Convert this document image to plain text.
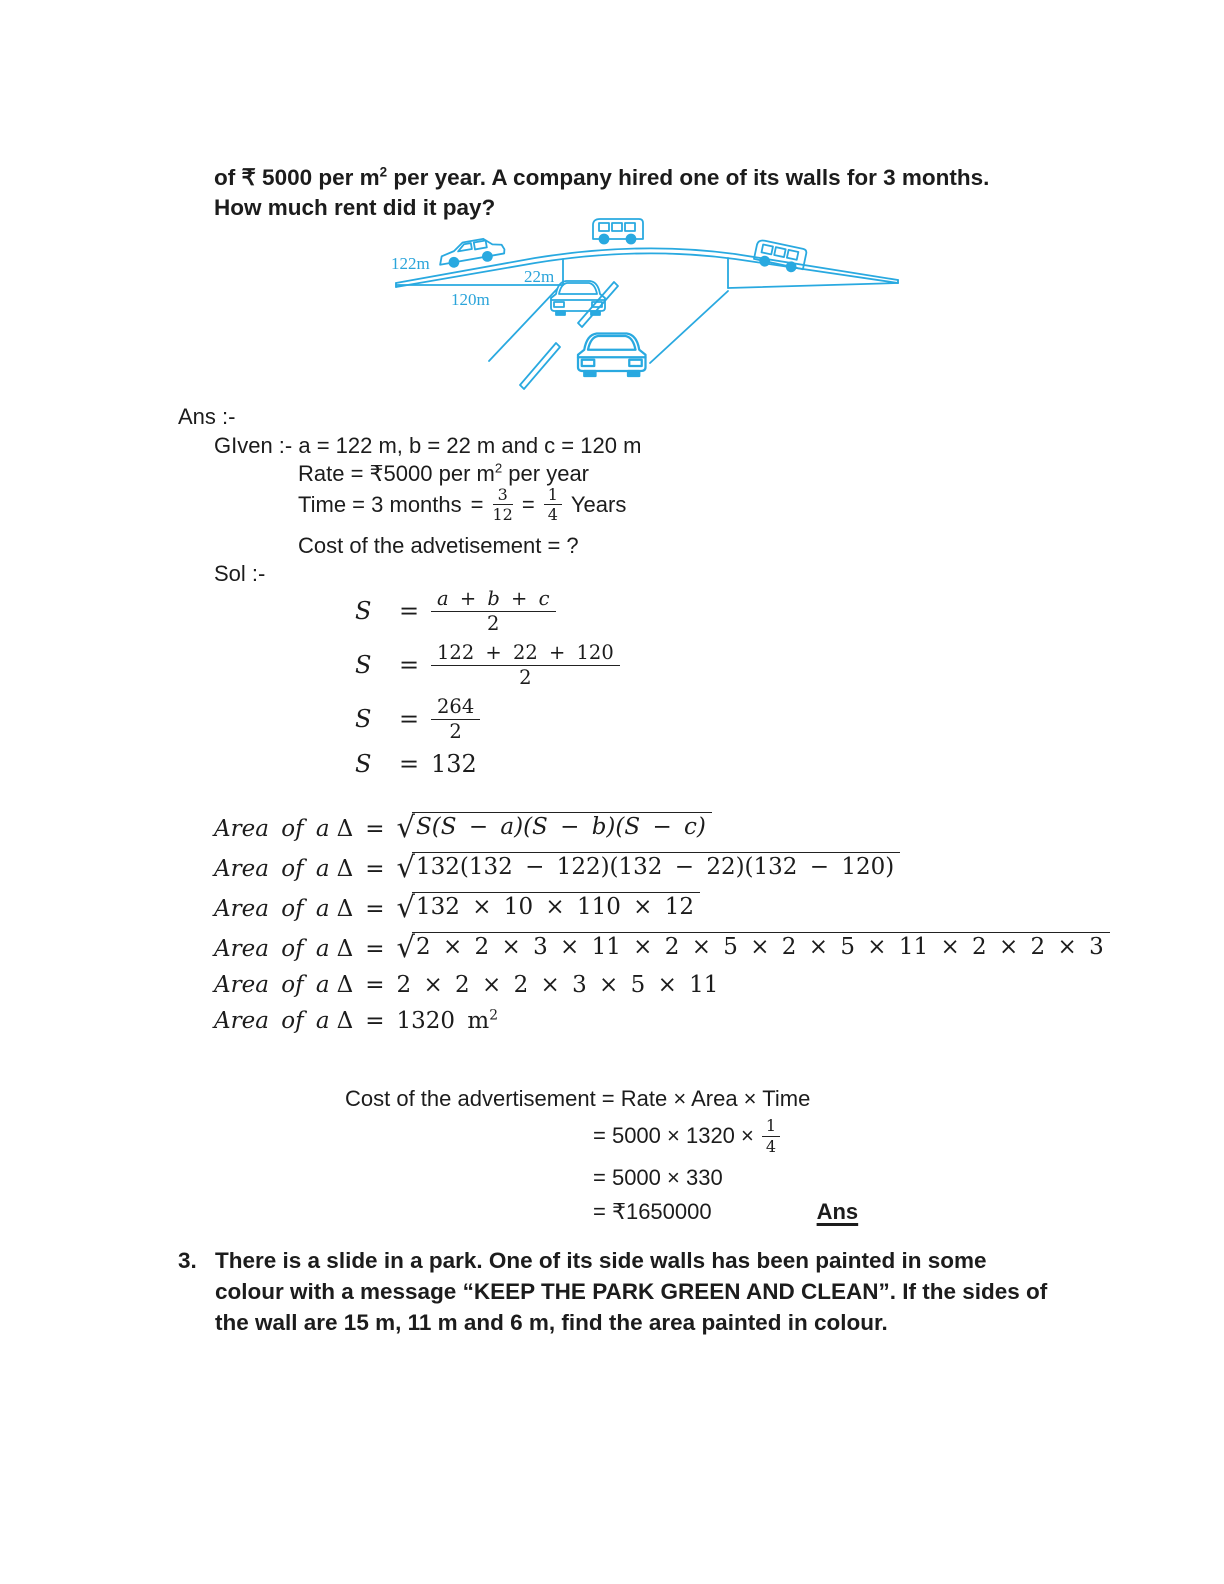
of ₹ 5000 per $m^2$ per year. A company hired one of its walls for 3 months. How much rent did it pay?

122m
22m
120m
Ans :-
GIven :- a = 122 m, b = 22 m and c = 120 m
Rate = ₹5000 per $m^2$ per year
Time = 3 months = $\frac{3}{12} = \frac{1}{4}$ Years
Cost of the advetisement = ?
Sol :-
S	= $\frac{a + b + c}{2}$
S	= $\frac{122 + 22 + 120}{2}$
S	= $\frac{264}{2}$
S	= 132
Area of a Δ = √ S(S − a)(S − b)(S − c)
Area of a Δ = √ 132(132 − 122)(132 − 22)(132 − 120)
Area of a Δ = √ 132 × 10 × 110 × 12
Area of a Δ = √ 2 × 2 × 3 × 11 × 2 × 5 × 2 × 5 × 11 × 2 × 2 × 3
Area of a Δ = 2 × 2 × 2 × 3 × 5 × 11
Area of a Δ = 1320 $m^2$
Cost of the advertisement = Rate × Area × Time
= $5000 \times 1320 \times \frac{1}{4}$
= 5000 × 330
= ₹1650000	Ans
3. There is a slide in a park. One of its side walls has been painted in some colour with a message “KEEP THE PARK GREEN AND CLEAN”. If the sides of the wall are 15 m, 11 m and 6 m, find the area painted in colour.
